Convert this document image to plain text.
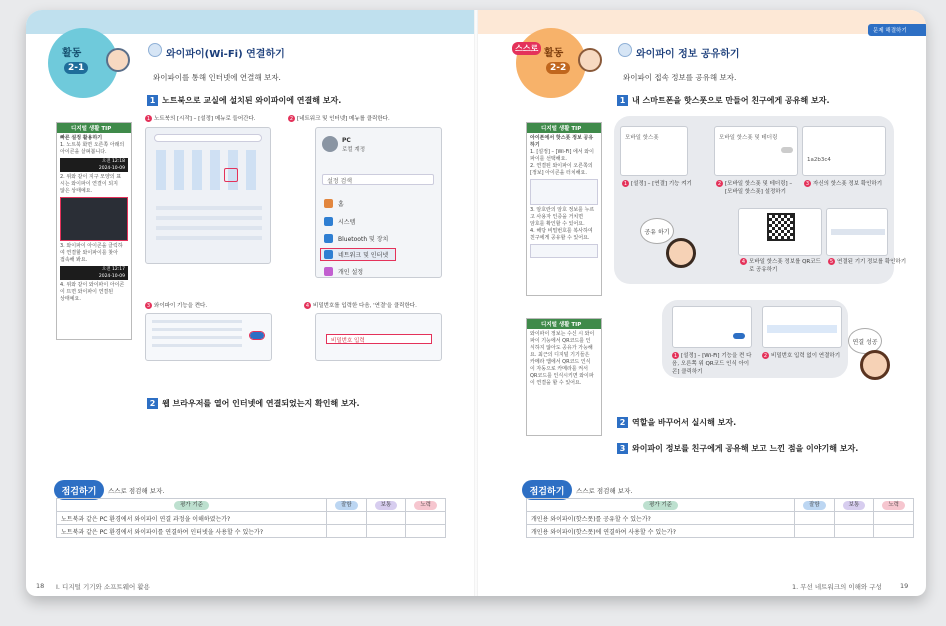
문제 해결하기
활동
2-1
와이파이(Wi-Fi) 연결하기
와이파이를 통해 인터넷에 연결해 보자.
1 노트북으로 교실에 설치된 와이파이에 연결해 보자.
1 노트북의 [시작] – [설정] 메뉴로 들어간다.	2 [네트워크 및 인터넷] 메뉴를 클릭한다.
PC
로컬 계정
설정 검색
홈
시스템
Bluetooth 및 장치
네트워크 및 인터넷
개인 설정
3 와이파이 기능을 켠다.	4 비밀번호를 입력한 다음, '연결'을 클릭한다.
비밀번호 입력
2 웹 브라우저를 열어 인터넷에 연결되었는지 확인해 보자.
디지털 생활 TIP
빠른 설정 활용하기
1. 노트북 화면 오른쪽 아래의
아이콘을 살펴봅니다.
오전 12:18
2024-10-09
2. 위와 같이 지구 모양의 표
시는 와이파이 연결이 되지
않은 상태예요.
3. 와이파이 아이콘을 클릭하
여 연결할 와이파이를 찾아
접속해 봐요.
오전 12:17
2024-10-09
4. 위와 같이 와이파이 아이콘
이 뜨면 와이파이 연결된
상태예요.
점검하기 스스로 점검해 보자.
평가 기준	잘함	보통	노력
노트북과 같은 PC 환경에서 와이파이 연결 과정을 이해하였는가?			
노트북과 같은 PC 환경에서 와이파이를 연결하여 인터넷을 사용할 수 있는가?			
18 I. 디지털 기기와 소프트웨어 활용
스스로 활동
2-2
와이파이 정보 공유하기
와이파이 접속 정보를 공유해 보자.
1 내 스마트폰을 핫스폿으로 만들어 친구에게 공유해 보자.
모바일 핫스폿	모바일 핫스폿 및 테더링
1a2b3c4
1 [설정] – [연결] 기능 켜기	2 [모바일 핫스폿 및 테더링] –
[모바일 핫스폿] 설정하기
3 자신의 핫스폿 정보 확인하기
4 모바일 핫스폿 정보를 QR코드
로 공유하기
5 연결된 기기 정보를 확인하기
공유 하기
1 [설정] – [Wi-Fi] 기능을 켠 다
음, 오른쪽 위 QR코드 인식 아이
콘] 클릭하기
2 비밀번호 입력 없이 연결하기
연결 성공
디지털 생활 TIP
아이폰에서 핫스폿 정보 공유
하기
1. [설정] – [Wi-Fi] 에서 와이
파이를 선택해요.
2. 연결된 와이파이 오른쪽의
[정보] 아이콘을 터치해요.
3. 암호란의 암호 정보를 누르
고 사용자 인증을 거치면
암호를 확인할 수 있어요.
4. 해당 비밀번호를 복사하여
친구에게 공유할 수 있어요.
디지털 생활 TIP
와이파이 정보는 수신 시 와이
파이 기능에서 QR코드를 인
식하지 않아도 공유가 가능해
요. 최근의 디지털 기기들은
카메라 앱에서 QR코드 인식
이 자동으로 카메라를 켜서
QR코드를 인식시키면 와이파
이 연결을 할 수 있어요.
2 역할을 바꾸어서 실시해 보자.
3 와이파이 정보를 친구에게 공유해 보고 느낀 점을 이야기해 보자.
점검하기 스스로 점검해 보자.
평가 기준	잘함	보통	노력
개인용 와이파이(핫스폿)를 공유할 수 있는가?			
개인용 와이파이(핫스폿)에 연결하여 사용할 수 있는가?			
1. 무선 네트워크의 이해와 구성	19
